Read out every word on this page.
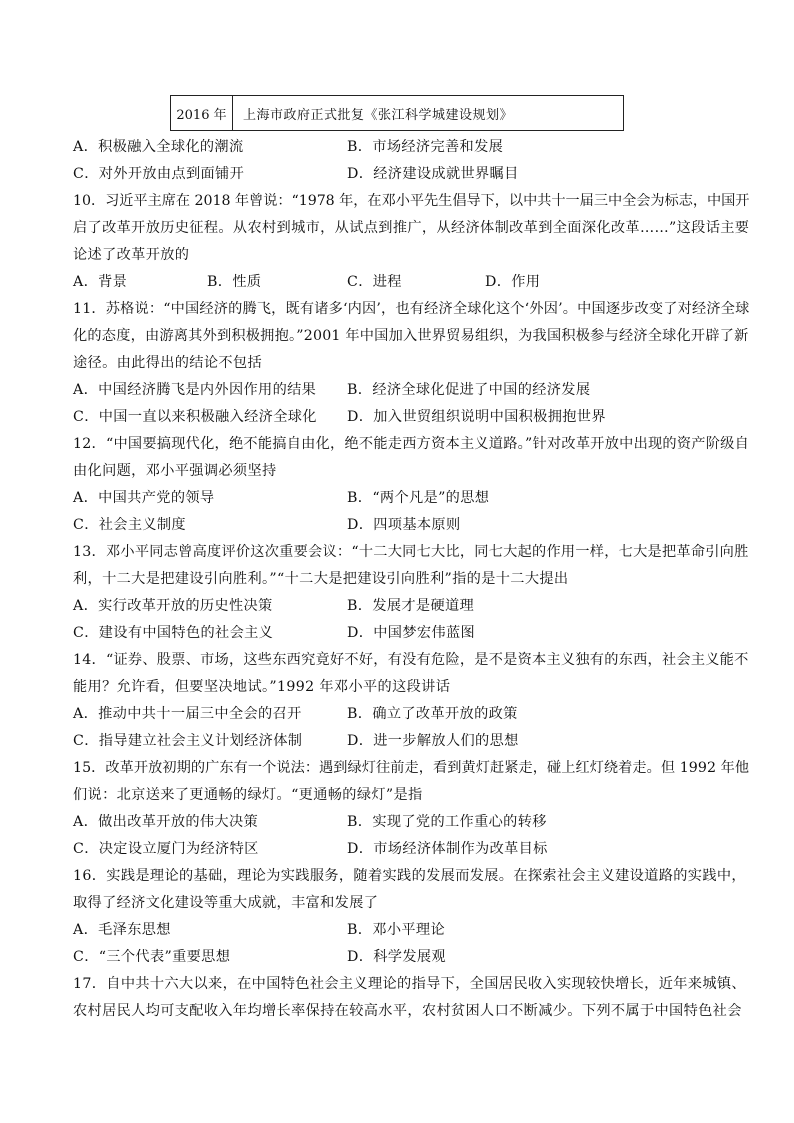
2016 年	上海市政府正式批复《张江科学城建设规划》
A．积极融入全球化的潮流	B．市场经济完善和发展
C．对外开放由点到面铺开	D．经济建设成就世界瞩目
10．习近平主席在 2018 年曾说：“1978 年，在邓小平先生倡导下，以中共十一届三中全会为标志，中国开
启了改革开放历史征程。从农村到城市，从试点到推广，从经济体制改革到全面深化改革……”这段话主要
论述了改革开放的
A．背景	B．性质	C．进程	D．作用
11．苏格说：“中国经济的腾飞，既有诸多‘内因’，也有经济全球化这个‘外因’。中国逐步改变了对经济全球
化的态度，由游离其外到积极拥抱。”2001 年中国加入世界贸易组织，为我国积极参与经济全球化开辟了新
途径。由此得出的结论不包括
A．中国经济腾飞是内外因作用的结果 B．经济全球化促进了中国的经济发展
C．中国一直以来积极融入经济全球化 D．加入世贸组织说明中国积极拥抱世界
12．“中国要搞现代化，绝不能搞自由化，绝不能走西方资本主义道路。”针对改革开放中出现的资产阶级自
由化问题，邓小平强调必须坚持
A．中国共产党的领导	B．“两个凡是”的思想
C．社会主义制度	D．四项基本原则
13．邓小平同志曾高度评价这次重要会议：“十二大同七大比，同七大起的作用一样，七大是把革命引向胜
利，十二大是把建设引向胜利。”“十二大是把建设引向胜利”指的是十二大提出
A．实行改革开放的历史性决策	B．发展才是硬道理
C．建设有中国特色的社会主义	D．中国梦宏伟蓝图
14．“证券、股票、市场，这些东西究竟好不好，有没有危险，是不是资本主义独有的东西，社会主义能不
能用？允许看，但要坚决地试。”1992 年邓小平的这段讲话
A．推动中共十一届三中全会的召开	B．确立了改革开放的政策
C．指导建立社会主义计划经济体制	D．进一步解放人们的思想
15．改革开放初期的广东有一个说法：遇到绿灯往前走，看到黄灯赶紧走，碰上红灯绕着走。但 1992 年他
们说：北京送来了更通畅的绿灯。“更通畅的绿灯”是指
A．做出改革开放的伟大决策	B．实现了党的工作重心的转移
C．决定设立厦门为经济特区	D．市场经济体制作为改革目标
16．实践是理论的基础，理论为实践服务，随着实践的发展而发展。在探索社会主义建设道路的实践中，
取得了经济文化建设等重大成就，丰富和发展了
A．毛泽东思想	B．邓小平理论
C．“三个代表”重要思想	D．科学发展观
17．自中共十六大以来，在中国特色社会主义理论的指导下，全国居民收入实现较快增长，近年来城镇、
农村居民人均可支配收入年均增长率保持在较高水平，农村贫困人口不断减少。下列不属于中国特色社会
